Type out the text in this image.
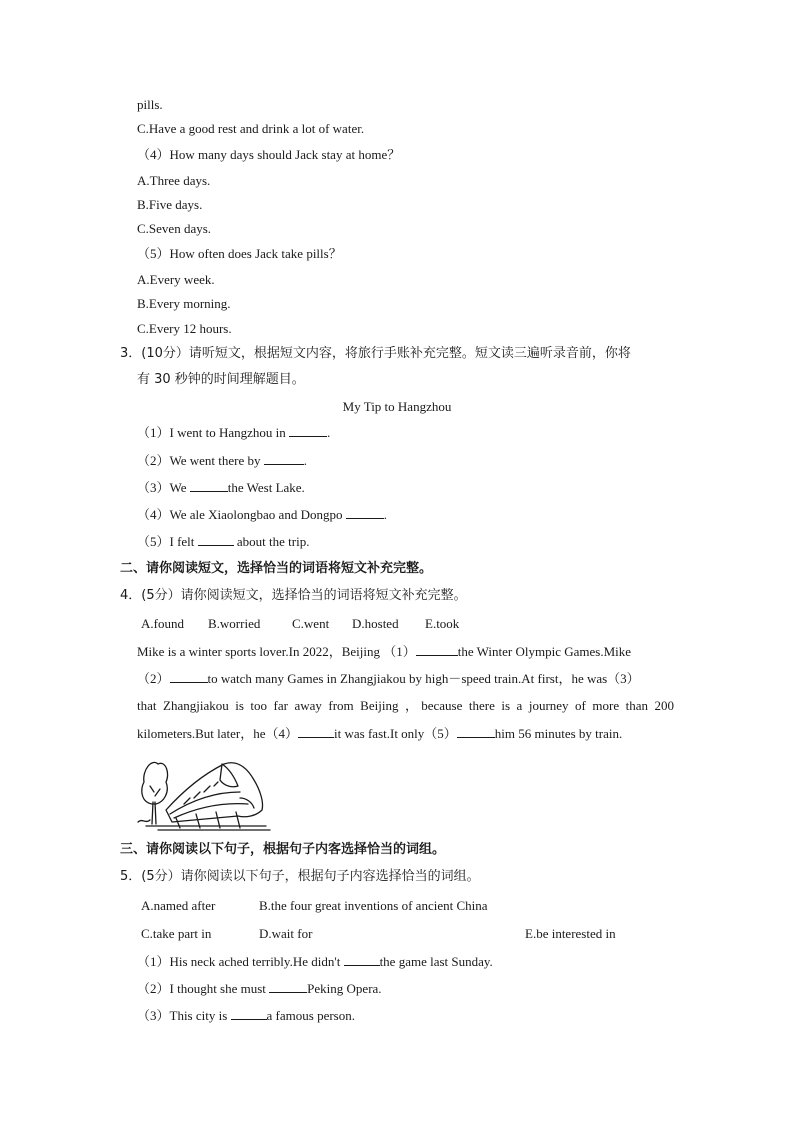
pills.
C.Have a good rest and drink a lot of water.
（4）How many days should Jack stay at home？
A.Three days.
B.Five days.
C.Seven days.
（5）How often does Jack take pills？
A.Every week.
B.Every morning.
C.Every 12 hours.
3．(10分）请听短文，根据短文内容，将旅行手账补充完整。短文读三遍听录音前，你将
有 30 秒钟的时间理解题目。
My Tip to Hangzhou
（1）I went to Hangzhou in	.
（2）We went there by	.
（3）We	the West Lake.
（4）We ale Xiaolongbao and Dongpo	.
（5）I felt	about the trip.
二、请你阅读短文，选择恰当的词语将短文补充完整。
4．(5分）请你阅读短文，选择恰当的词语将短文补充完整。
A.found B.worried C.went D.hosted E.took
Mike is a winter sports lover.In 2022，Beijing （1）	the Winter Olympic Games.Mike
（2）	to watch many Games in Zhangjiakou by high－speed train.At first，he was（3）
that Zhangjiakou is too far away from Beijing ，because there is a journey of more than 200
kilometers.But later，he（4）	it was fast.It only（5）	him 56 minutes by train.
三、请你阅读以下句子，根据句子内客选择恰当的词组。
5．(5分）请你阅读以下句子，根据句子内容选择恰当的词组。
A.named after	B.the four great inventions of ancient China
C.take part in	D.wait for	E.be interested in
（1）His neck ached terribly.He didn't	the game last Sunday.
（2）I thought she must	Peking Opera.
（3）This city is	a famous person.
